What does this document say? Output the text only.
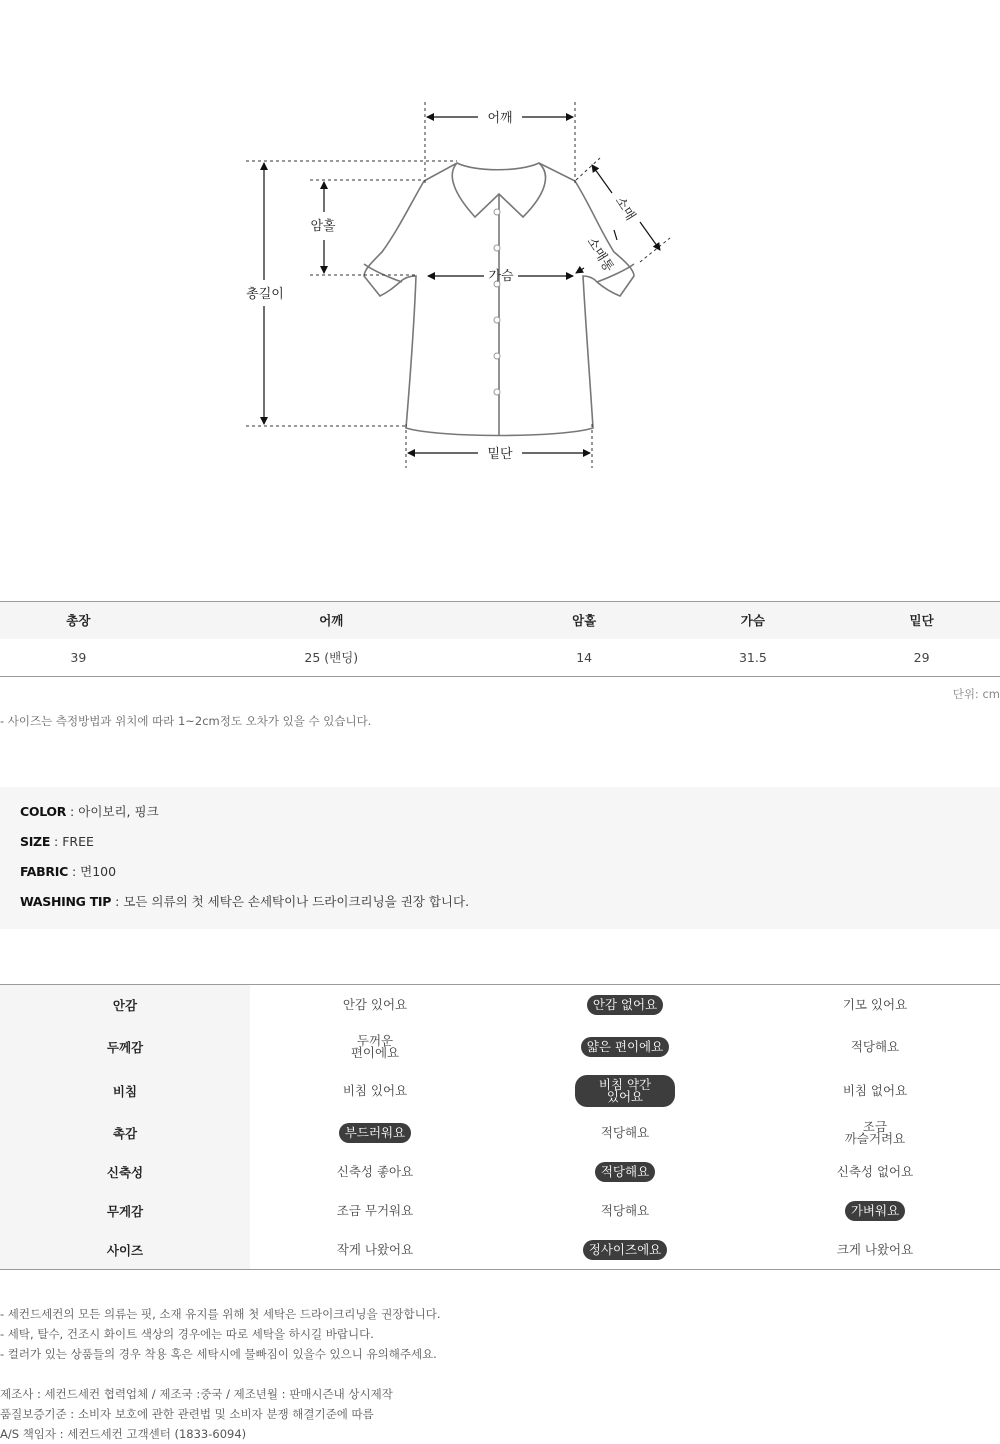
어깨
암홀
총길이
가슴
밑단
소매
소매통
총장	어깨	암홀	가슴	밑단
39	25 (밴딩)	14	31.5	29
단위: cm
- 사이즈는 측정방법과 위치에 따라 1~2cm정도 오차가 있을 수 있습니다.
COLOR : 아이보리, 핑크
SIZE : FREE
FABRIC : 면100
WASHING TIP : 모든 의류의 첫 세탁은 손세탁이나 드라이크리닝을 권장 합니다.
안감	안감 있어요	안감 없어요	기모 있어요
두께감	두꺼운 편이에요	얇은 편이에요	적당해요
비침	비침 있어요	비침 약간 있어요	비침 없어요
촉감	부드러워요	적당해요	조금 까슬거려요
신축성	신축성 좋아요	적당해요	신축성 없어요
무게감	조금 무거워요	적당해요	가벼워요
사이즈	작게 나왔어요	정사이즈에요	크게 나왔어요
- 세컨드세컨의 모든 의류는 핏, 소재 유지를 위해 첫 세탁은 드라이크리닝을 권장합니다.
- 세탁, 탈수, 건조시 화이트 색상의 경우에는 따로 세탁을 하시길 바랍니다.
- 컬러가 있는 상품들의 경우 착용 혹은 세탁시에 물빠짐이 있을수 있으니 유의해주세요.
제조사 : 세컨드세컨 협력업체 / 제조국 :중국 / 제조년월 : 판매시즌내 상시제작
품질보증기준 : 소비자 보호에 관한 관련법 및 소비자 분쟁 해결기준에 따름
A/S 책임자 : 세컨드세컨 고객센터 (1833-6094)
